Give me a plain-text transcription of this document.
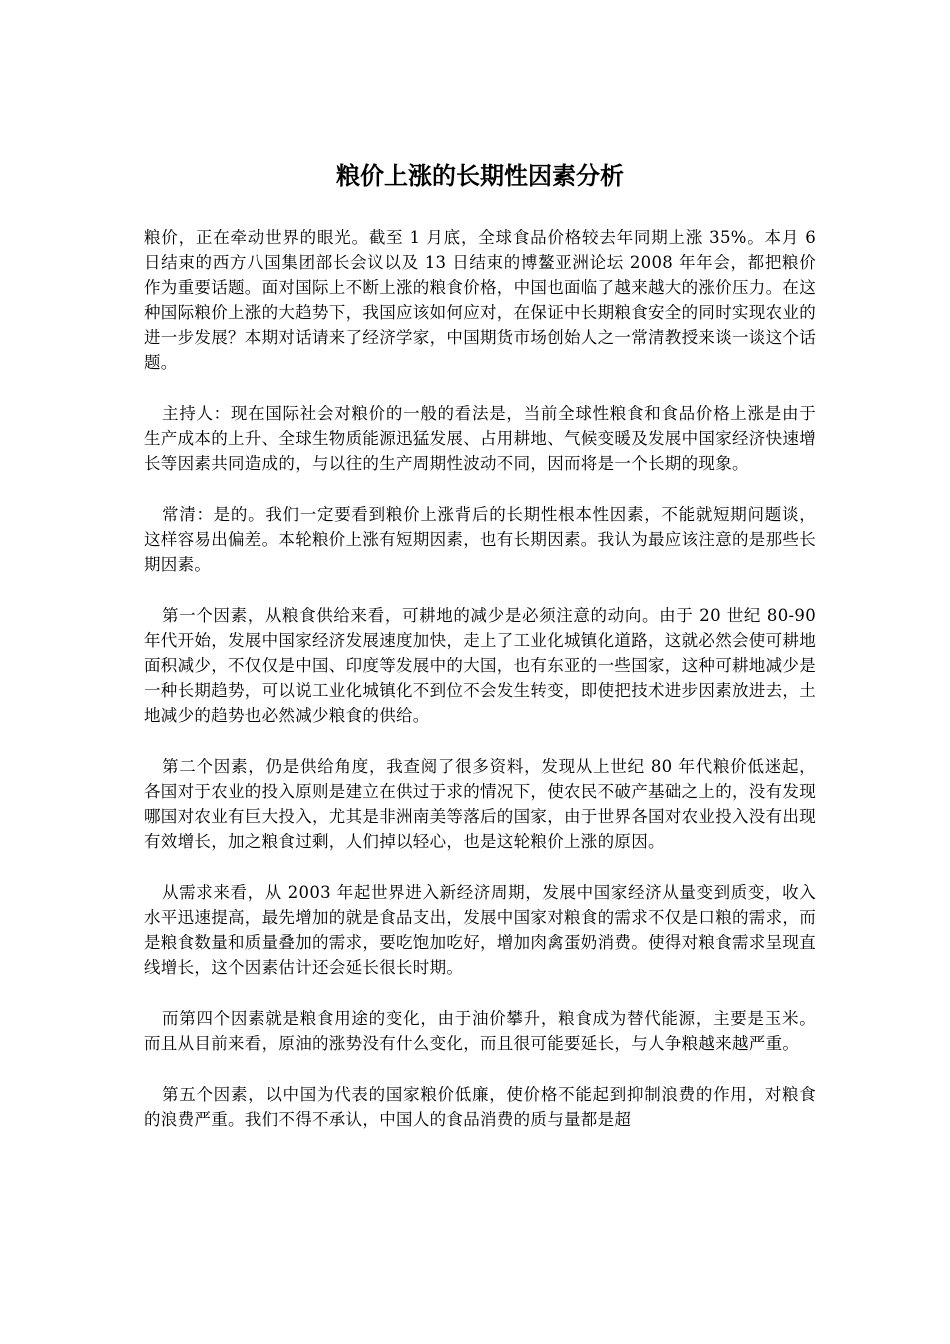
粮价上涨的长期性因素分析

粮价，正在牵动世界的眼光。截至 1 月底，全球食品价格较去年同期上涨 35%。本月 6 日结束的西方八国集团部长会议以及 13 日结束的博鳌亚洲论坛 2008 年年会，都把粮价作为重要话题。面对国际上不断上涨的粮食价格，中国也面临了越来越大的涨价压力。在这种国际粮价上涨的大趋势下，我国应该如何应对，在保证中长期粮食安全的同时实现农业的进一步发展？本期对话请来了经济学家，中国期货市场创始人之一常清教授来谈一谈这个话题。

主持人：现在国际社会对粮价的一般的看法是，当前全球性粮食和食品价格上涨是由于生产成本的上升、全球生物质能源迅猛发展、占用耕地、气候变暖及发展中国家经济快速增长等因素共同造成的，与以往的生产周期性波动不同，因而将是一个长期的现象。

常清：是的。我们一定要看到粮价上涨背后的长期性根本性因素，不能就短期问题谈，这样容易出偏差。本轮粮价上涨有短期因素，也有长期因素。我认为最应该注意的是那些长期因素。

第一个因素，从粮食供给来看，可耕地的减少是必须注意的动向。由于 20 世纪 80-90 年代开始，发展中国家经济发展速度加快，走上了工业化城镇化道路，这就必然会使可耕地面积减少，不仅仅是中国、印度等发展中的大国，也有东亚的一些国家，这种可耕地减少是一种长期趋势，可以说工业化城镇化不到位不会发生转变，即使把技术进步因素放进去，土地减少的趋势也必然减少粮食的供给。

第二个因素，仍是供给角度，我查阅了很多资料，发现从上世纪 80 年代粮价低迷起，各国对于农业的投入原则是建立在供过于求的情况下，使农民不破产基础之上的，没有发现哪国对农业有巨大投入，尤其是非洲南美等落后的国家，由于世界各国对农业投入没有出现有效增长，加之粮食过剩，人们掉以轻心，也是这轮粮价上涨的原因。

从需求来看，从 2003 年起世界进入新经济周期，发展中国家经济从量变到质变，收入水平迅速提高，最先增加的就是食品支出，发展中国家对粮食的需求不仅是口粮的需求，而是粮食数量和质量叠加的需求，要吃饱加吃好，增加肉禽蛋奶消费。使得对粮食需求呈现直线增长，这个因素估计还会延长很长时期。

而第四个因素就是粮食用途的变化，由于油价攀升，粮食成为替代能源，主要是玉米。而且从目前来看，原油的涨势没有什么变化，而且很可能要延长，与人争粮越来越严重。

第五个因素，以中国为代表的国家粮价低廉，使价格不能起到抑制浪费的作用，对粮食的浪费严重。我们不得不承认，中国人的食品消费的质与量都是超
